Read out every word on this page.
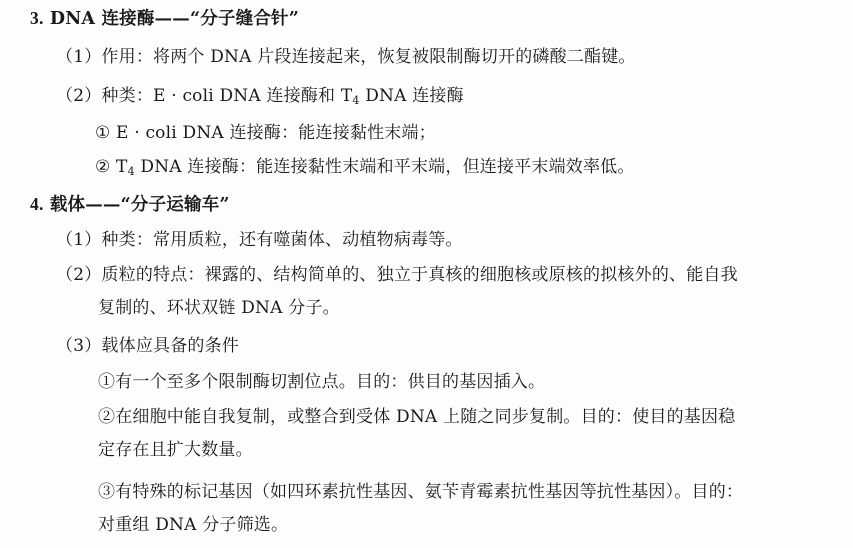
3. DNA 连接酶——“分子缝合针”
（1）作用：将两个 DNA 片段连接起来，恢复被限制酶切开的磷酸二酯键。
（2）种类：E · coli DNA 连接酶和 $T_4$ DNA 连接酶
① E · coli DNA 连接酶：能连接黏性末端；
② $T_4$ DNA 连接酶：能连接黏性末端和平末端，但连接平末端效率低。
4. 载体——“分子运输车”
（1）种类：常用质粒，还有噬菌体、动植物病毒等。
（2）质粒的特点：裸露的、结构简单的、独立于真核的细胞核或原核的拟核外的、能自我
复制的、环状双链 DNA 分子。
（3）载体应具备的条件
①有一个至多个限制酶切割位点。目的：供目的基因插入。
②在细胞中能自我复制，或整合到受体 DNA 上随之同步复制。目的：使目的基因稳
定存在且扩大数量。
③有特殊的标记基因（如四环素抗性基因、氨苄青霉素抗性基因等抗性基因）。目的：
对重组 DNA 分子筛选。
